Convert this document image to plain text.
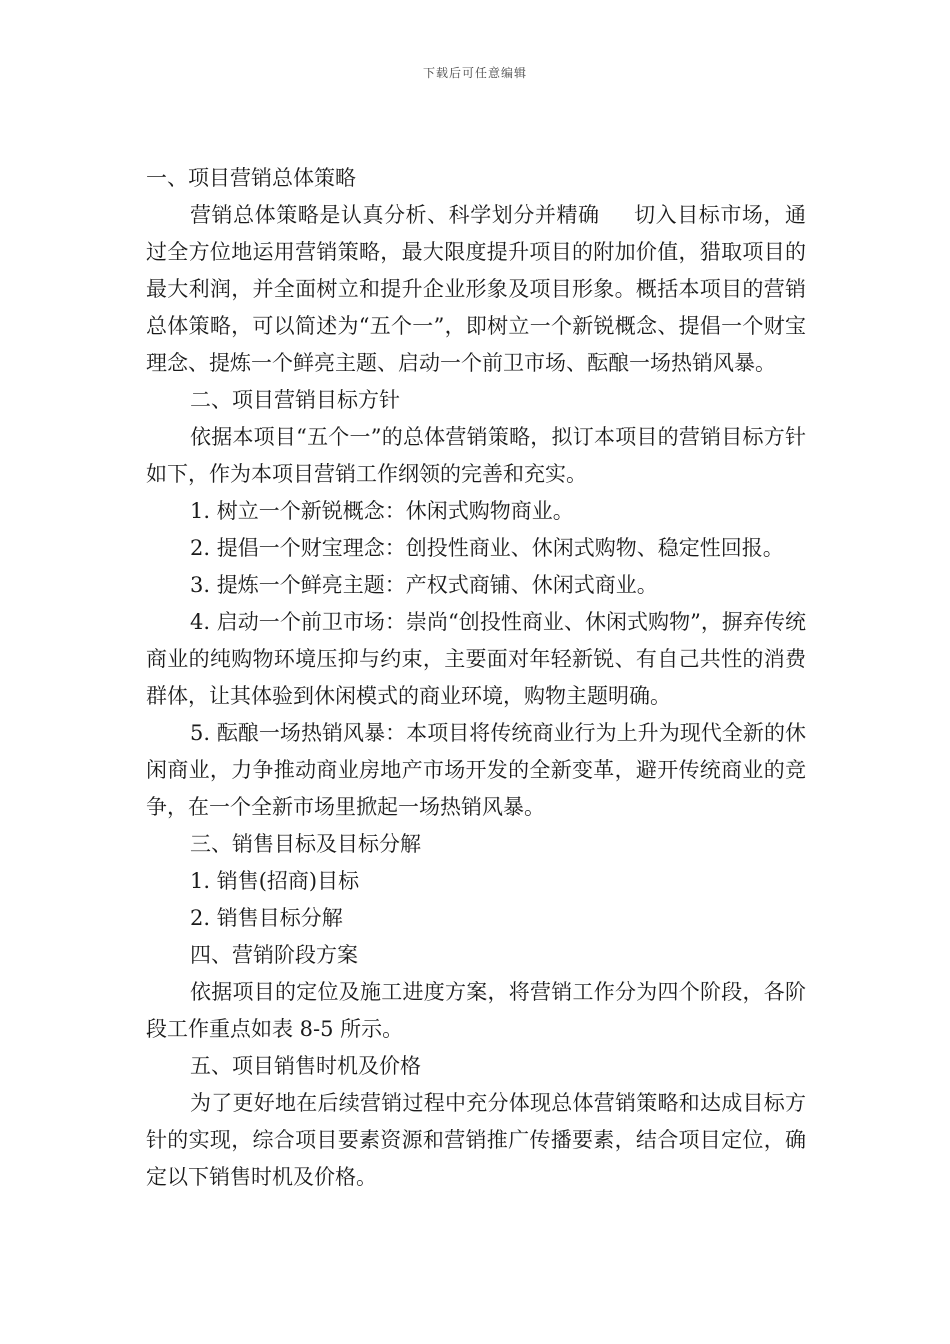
下载后可任意编辑

一、项目营销总体策略

营销总体策略是认真分析、科学划分并精确 切入目标市场，通过全方位地运用营销策略，最大限度提升项目的附加价值，猎取项目的最大利润，并全面树立和提升企业形象及项目形象。概括本项目的营销总体策略，可以简述为“五个一”，即树立一个新锐概念、提倡一个财宝理念、提炼一个鲜亮主题、启动一个前卫市场、酝酿一场热销风暴。

二、项目营销目标方针

依据本项目“五个一”的总体营销策略，拟订本项目的营销目标方针如下，作为本项目营销工作纲领的完善和充实。

1. 树立一个新锐概念：休闲式购物商业。

2. 提倡一个财宝理念：创投性商业、休闲式购物、稳定性回报。

3. 提炼一个鲜亮主题：产权式商铺、休闲式商业。

4. 启动一个前卫市场：崇尚“创投性商业、休闲式购物”，摒弃传统商业的纯购物环境压抑与约束，主要面对年轻新锐、有自己共性的消费群体，让其体验到休闲模式的商业环境，购物主题明确。

5. 酝酿一场热销风暴：本项目将传统商业行为上升为现代全新的休闲商业，力争推动商业房地产市场开发的全新变革，避开传统商业的竞争，在一个全新市场里掀起一场热销风暴。

三、销售目标及目标分解

1. 销售(招商)目标

2. 销售目标分解

四、营销阶段方案

依据项目的定位及施工进度方案，将营销工作分为四个阶段，各阶段工作重点如表 8-5 所示。

五、项目销售时机及价格

为了更好地在后续营销过程中充分体现总体营销策略和达成目标方针的实现，综合项目要素资源和营销推广传播要素，结合项目定位，确定以下销售时机及价格。
